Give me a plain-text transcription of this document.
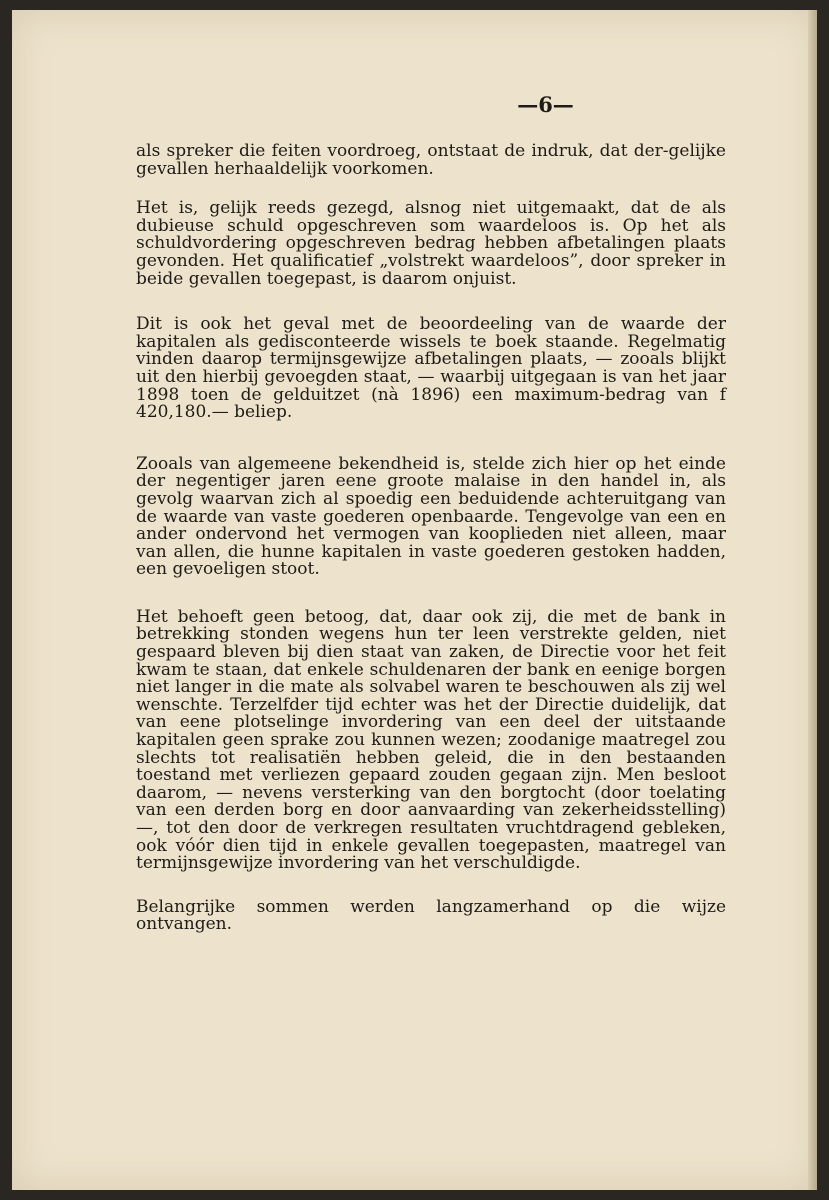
—6—

als spreker die feiten voordroeg, ontstaat de indruk, dat der-gelijke gevallen herhaaldelijk voorkomen.

Het is, gelijk reeds gezegd, alsnog niet uitgemaakt, dat de als dubieuse schuld opgeschreven som waardeloos is. Op het als schuldvordering opgeschreven bedrag hebben afbetalingen plaats gevonden. Het qualificatief „volstrekt waardeloos”, door spreker in beide gevallen toegepast, is daarom onjuist.

Dit is ook het geval met de beoordeeling van de waarde der kapitalen als gedisconteerde wissels te boek staande. Regelmatig vinden daarop termijnsgewijze afbetalingen plaats, — zooals blijkt uit den hierbij gevoegden staat, — waarbij uitgegaan is van het jaar 1898 toen de gelduitzet (nà 1896) een maximum-bedrag van f 420,180.— beliep.

Zooals van algemeene bekendheid is, stelde zich hier op het einde der negentiger jaren eene groote malaise in den handel in, als gevolg waarvan zich al spoedig een beduidende achteruitgang van de waarde van vaste goederen openbaarde. Tengevolge van een en ander ondervond het vermogen van kooplieden niet alleen, maar van allen, die hunne kapitalen in vaste goederen gestoken hadden, een gevoeligen stoot.

Het behoeft geen betoog, dat, daar ook zij, die met de bank in betrekking stonden wegens hun ter leen verstrekte gelden, niet gespaard bleven bij dien staat van zaken, de Directie voor het feit kwam te staan, dat enkele schuldenaren der bank en eenige borgen niet langer in die mate als solvabel waren te beschouwen als zij wel wenschte. Terzelfder tijd echter was het der Directie duidelijk, dat van eene plotselinge invordering van een deel der uitstaande kapitalen geen sprake zou kunnen wezen; zoodanige maatregel zou slechts tot realisatiën hebben geleid, die in den bestaanden toestand met verliezen gepaard zouden gegaan zijn. Men besloot daarom, — nevens versterking van den borgtocht (door toelating van een derden borg en door aanvaarding van zekerheidsstelling)—, tot den door de verkregen resultaten vruchtdragend gebleken, ook vóór dien tijd in enkele gevallen toegepasten, maatregel van termijnsgewijze invordering van het verschuldigde.

Belangrijke sommen werden langzamerhand op die wijze ontvangen.
